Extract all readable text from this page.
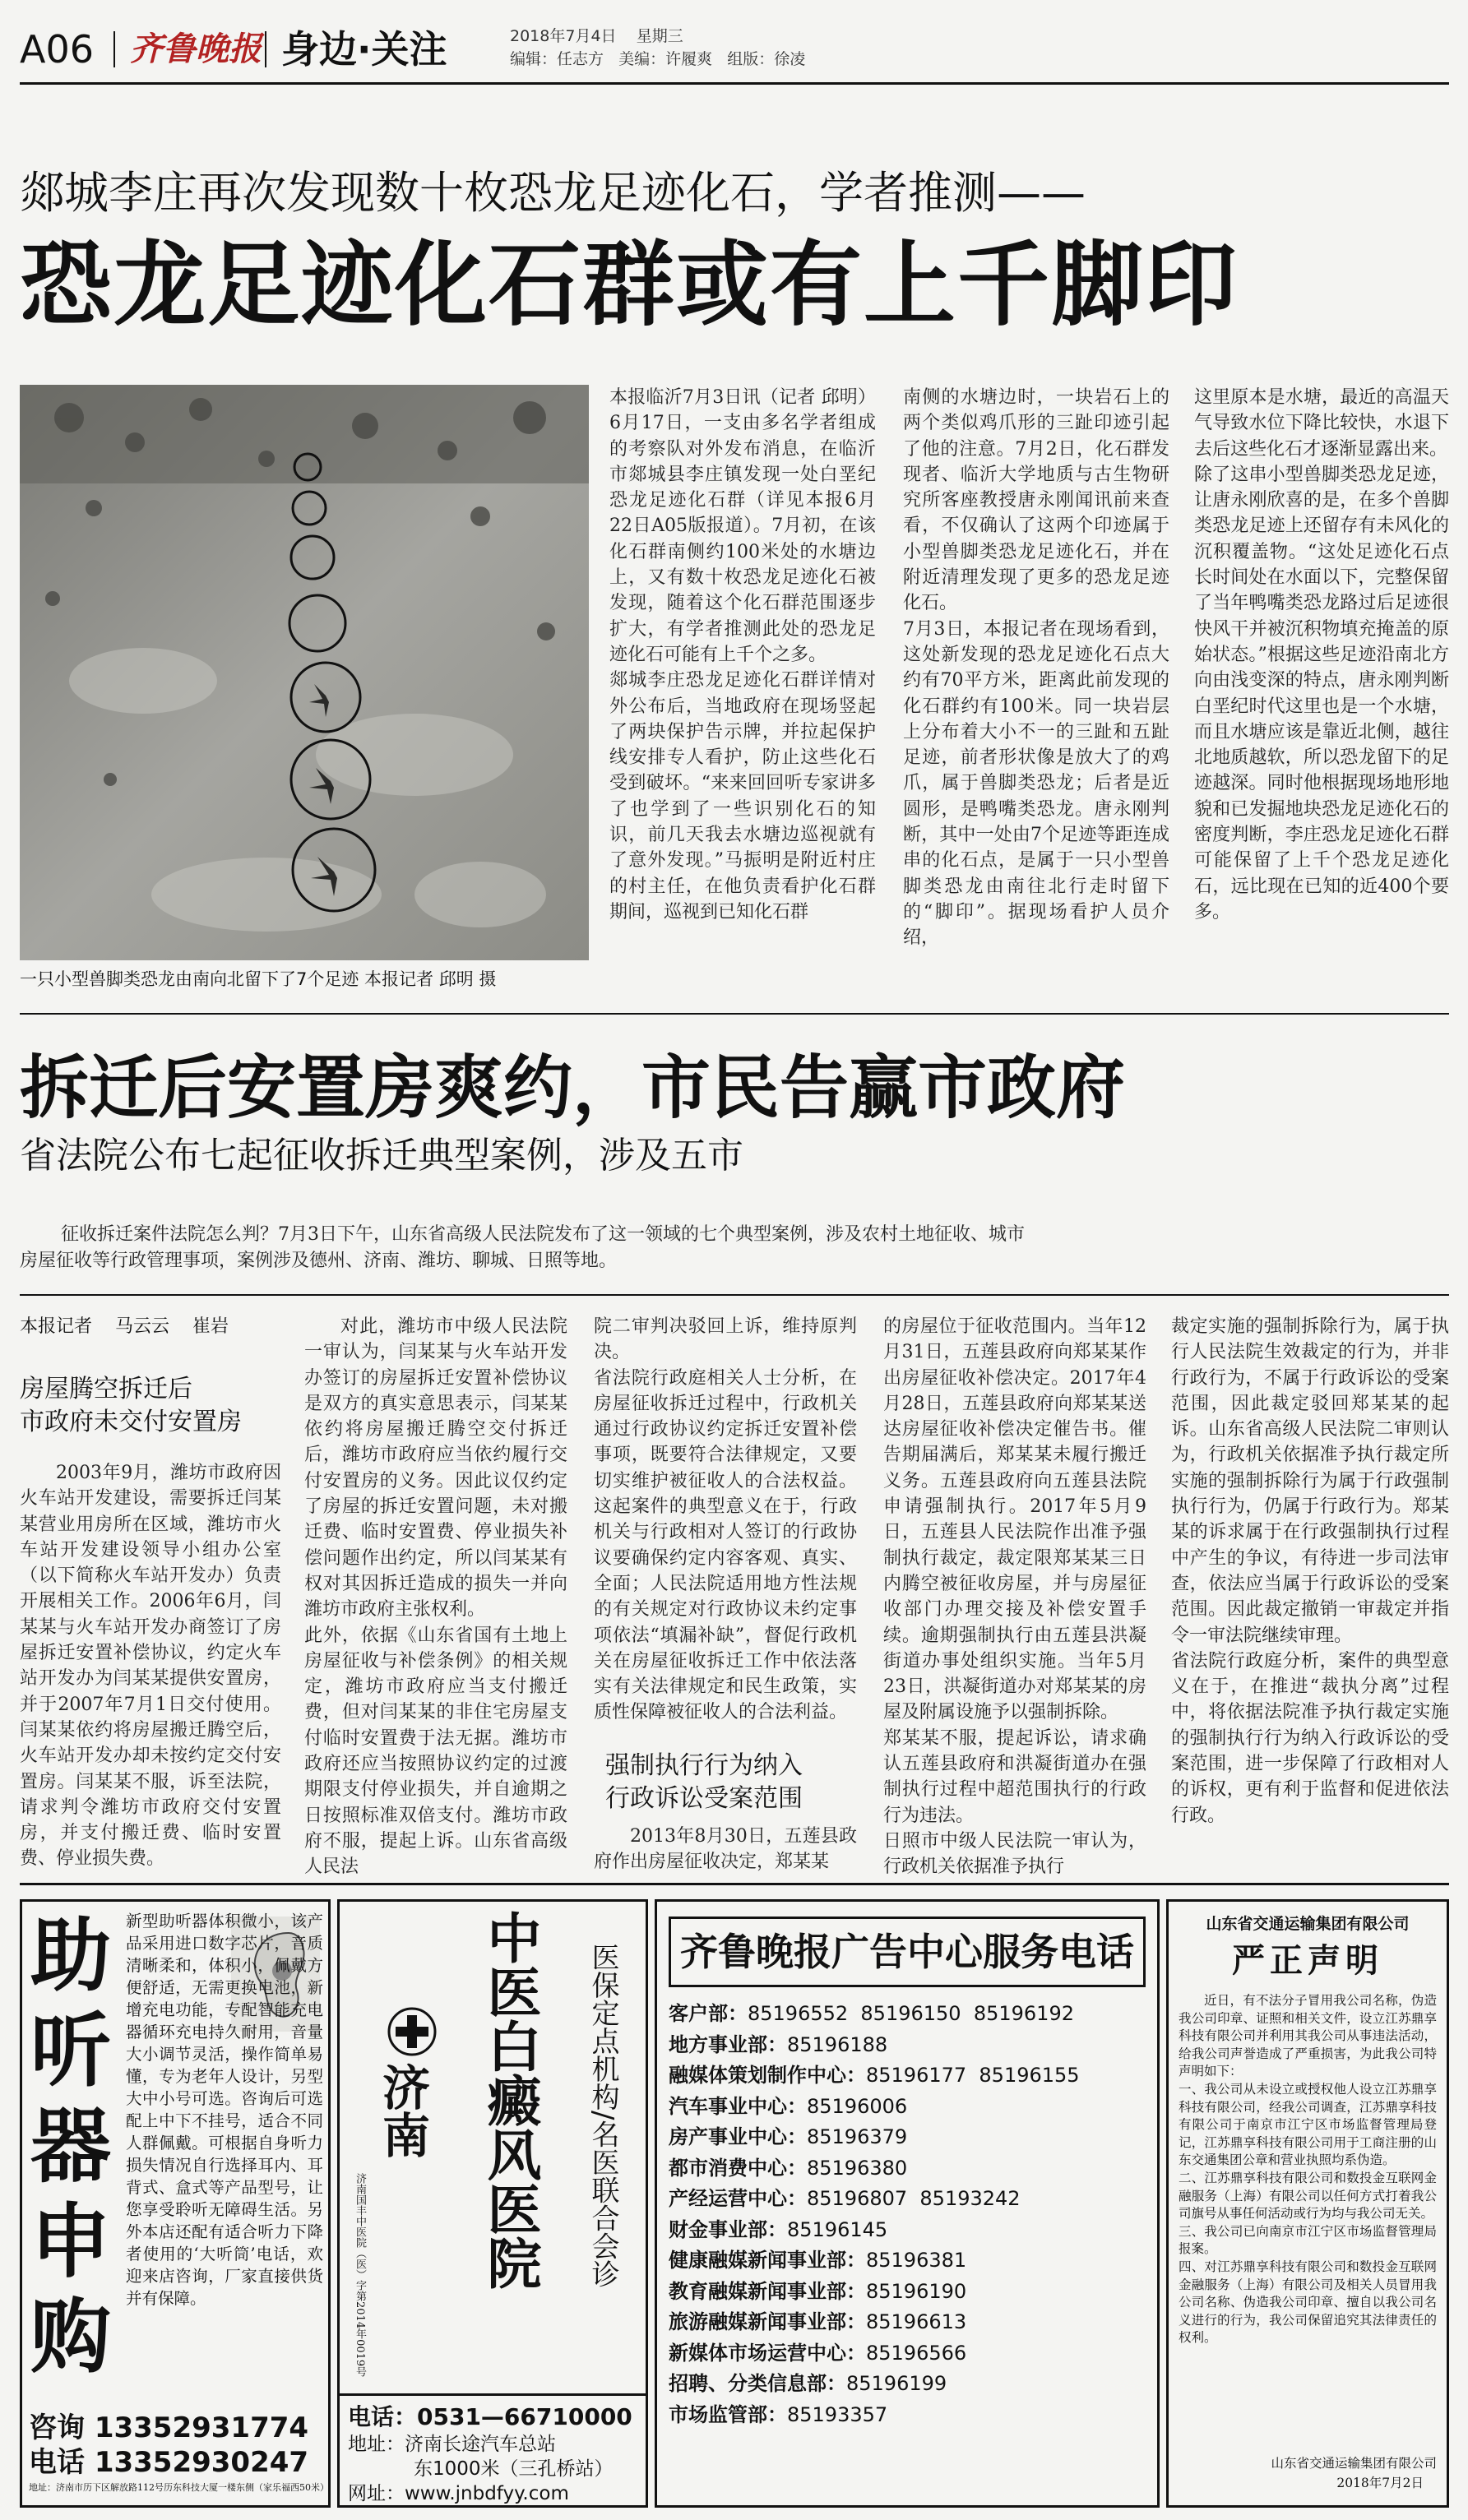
A06 齐鲁晚报 身边·关注	2018年7月4日 星期三
编辑：任志方 美编：许履爽 组版：徐凌
郯城李庄再次发现数十枚恐龙足迹化石，学者推测——
恐龙足迹化石群或有上千脚印
一只小型兽脚类恐龙由南向北留下了7个足迹 本报记者 邱明 摄

本报临沂7月3日讯（记者 邱明） 6月17日，一支由多名学者组成的考察队对外发布消息，在临沂市郯城县李庄镇发现一处白垩纪恐龙足迹化石群（详见本报6月22日A05版报道）。7月初，在该化石群南侧约100米处的水塘边上，又有数十枚恐龙足迹化石被发现，随着这个化石群范围逐步扩大，有学者推测此处的恐龙足迹化石可能有上千个之多。
郯城李庄恐龙足迹化石群详情对外公布后，当地政府在现场竖起了两块保护告示牌，并拉起保护线安排专人看护，防止这些化石受到破坏。“来来回回听专家讲多了也学到了一些识别化石的知识，前几天我去水塘边巡视就有了意外发现。”马振明是附近村庄的村主任，在他负责看护化石群期间，巡视到已知化石群

南侧的水塘边时，一块岩石上的两个类似鸡爪形的三趾印迹引起了他的注意。7月2日，化石群发现者、临沂大学地质与古生物研究所客座教授唐永刚闻讯前来查看，不仅确认了这两个印迹属于小型兽脚类恐龙足迹化石，并在附近清理发现了更多的恐龙足迹化石。
7月3日，本报记者在现场看到，这处新发现的恐龙足迹化石点大约有70平方米，距离此前发现的化石群约有100米。同一块岩层上分布着大小不一的三趾和五趾足迹，前者形状像是放大了的鸡爪，属于兽脚类恐龙；后者是近圆形，是鸭嘴类恐龙。唐永刚判断，其中一处由7个足迹等距连成串的化石点，是属于一只小型兽脚类恐龙由南往北行走时留下的“脚印”。据现场看护人员介绍，

这里原本是水塘，最近的高温天气导致水位下降比较快，水退下去后这些化石才逐渐显露出来。
除了这串小型兽脚类恐龙足迹，让唐永刚欣喜的是，在多个兽脚类恐龙足迹上还留存有未风化的沉积覆盖物。“这处足迹化石点长时间处在水面以下，完整保留了当年鸭嘴类恐龙路过后足迹很快风干并被沉积物填充掩盖的原始状态。”根据这些足迹沿南北方向由浅变深的特点，唐永刚判断白垩纪时代这里也是一个水塘，而且水塘应该是靠近北侧，越往北地质越软，所以恐龙留下的足迹越深。同时他根据现场地形地貌和已发掘地块恐龙足迹化石的密度判断，李庄恐龙足迹化石群可能保留了上千个恐龙足迹化石，远比现在已知的近400个要多。

拆迁后安置房爽约，市民告赢市政府
省法院公布七起征收拆迁典型案例，涉及五市
征收拆迁案件法院怎么判？7月3日下午，山东省高级人民法院发布了这一领域的七个典型案例，涉及农村土地征收、城市房屋征收等行政管理事项，案例涉及德州、济南、潍坊、聊城、日照等地。
本报记者    马云云    崔岩
房屋腾空拆迁后
市政府未交付安置房

2003年9月，潍坊市政府因火车站开发建设，需要拆迁闫某某营业用房所在区域，潍坊市火车站开发建设领导小组办公室（以下简称火车站开发办）负责开展相关工作。2006年6月，闫某某与火车站开发办商签订了房屋拆迁安置补偿协议，约定火车站开发办为闫某某提供安置房，并于2007年7月1日交付使用。闫某某依约将房屋搬迁腾空后，火车站开发办却未按约定交付安置房。闫某某不服，诉至法院，请求判令潍坊市政府交付安置房，并支付搬迁费、临时安置费、停业损失费。

对此，潍坊市中级人民法院一审认为，闫某某与火车站开发办签订的房屋拆迁安置补偿协议是双方的真实意思表示，闫某某依约将房屋搬迁腾空交付拆迁后，潍坊市政府应当依约履行交付安置房的义务。因此议仅约定了房屋的拆迁安置问题，未对搬迁费、临时安置费、停业损失补偿问题作出约定，所以闫某某有权对其因拆迁造成的损失一并向潍坊市政府主张权利。
此外，依据《山东省国有土地上房屋征收与补偿条例》的相关规定，潍坊市政府应当支付搬迁费，但对闫某某的非住宅房屋支付临时安置费于法无据。潍坊市政府还应当按照协议约定的过渡期限支付停业损失，并自逾期之日按照标准双倍支付。潍坊市政府不服，提起上诉。山东省高级人民法

院二审判决驳回上诉，维持原判决。
省法院行政庭相关人士分析，在房屋征收拆迁过程中，行政机关通过行政协议约定拆迁安置补偿事项，既要符合法律规定，又要切实维护被征收人的合法权益。这起案件的典型意义在于，行政机关与行政相对人签订的行政协议要确保约定内容客观、真实、全面；人民法院适用地方性法规的有关规定对行政协议未约定事项依法“填漏补缺”，督促行政机关在房屋征收拆迁工作中依法落实有关法律规定和民生政策，实质性保障被征收人的合法利益。

强制执行行为纳入
行政诉讼受案范围

2013年8月30日，五莲县政府作出房屋征收决定，郑某某

的房屋位于征收范围内。当年12月31日，五莲县政府向郑某某作出房屋征收补偿决定。2017年4月28日，五莲县政府向郑某某送达房屋征收补偿决定催告书。催告期届满后，郑某某未履行搬迁义务。五莲县政府向五莲县法院申请强制执行。2017年5月9日，五莲县人民法院作出准予强制执行裁定，裁定限郑某某三日内腾空被征收房屋，并与房屋征收部门办理交接及补偿安置手续。逾期强制执行由五莲县洪凝街道办事处组织实施。当年5月23日，洪凝街道办对郑某某的房屋及附属设施予以强制拆除。
郑某某不服，提起诉讼，请求确认五莲县政府和洪凝街道办在强制执行过程中超范围执行的行政行为违法。
日照市中级人民法院一审认为，行政机关依据准予执行

裁定实施的强制拆除行为，属于执行人民法院生效裁定的行为，并非行政行为，不属于行政诉讼的受案范围，因此裁定驳回郑某某的起诉。山东省高级人民法院二审则认为，行政机关依据准予执行裁定所实施的强制拆除行为属于行政强制执行行为，仍属于行政行为。郑某某的诉求属于在行政强制执行过程中产生的争议，有待进一步司法审查，依法应当属于行政诉讼的受案范围。因此裁定撤销一审裁定并指令一审法院继续审理。
省法院行政庭分析，案件的典型意义在于，在推进“裁执分离”过程中，将依据法院准予执行裁定实施的强制执行行为纳入行政诉讼的受案范围，进一步保障了行政相对人的诉权，更有利于监督和促进依法行政。

助
听
器
申
购
新型助听器体积微小，该产品采用进口数字芯片，音质清晰柔和，体积小，佩戴方便舒适，无需更换电池，新增充电功能，专配智能充电器循环充电持久耐用，音量大小调节灵活，操作简单易懂，专为老年人设计，另型大中小号可选。咨询后可选配上中下不挂号，适合不同人群佩戴。可根据自身听力损失情况自行选择耳内、耳背式、盒式等产品型号，让您享受聆听无障碍生活。另外本店还配有适合听力下降者使用的‘大听筒’电话，欢迎来店咨询，厂家直接供货并有保障。
咨询 13352931774
电话 13352930247
地址：济南市历下区解放路112号历东科技大厦一楼东侧（家乐福西50米）
济南
济南国丰中医院（医）字第2014年0019号 中医白癜风医院 医保定点机构/名医联合会诊
电话：0531—66710000
地址：济南长途汽车总站
东1000米（三孔桥站）
网址：www.jnbdfyy.com
齐鲁晚报广告中心服务电话
客户部： 85196552  85196150  85196192
地方事业部： 85196188
融媒体策划制作中心： 85196177  85196155
汽车事业中心： 85196006
房产事业中心： 85196379
都市消费中心： 85196380
产经运营中心： 85196807  85193242
财金事业部： 85196145
健康融媒新闻事业部： 85196381
教育融媒新闻事业部： 85196190
旅游融媒新闻事业部： 85196613
新媒体市场运营中心： 85196566
招聘、分类信息部： 85196199
市场监管部： 85193357
山东省交通运输集团有限公司
严正声明
近日，有不法分子冒用我公司名称，伪造我公司印章、证照和相关文件，设立江苏鼎享科技有限公司并利用其我公司从事违法活动，给我公司声誉造成了严重损害，为此我公司特声明如下：
一、我公司从未设立或授权他人设立江苏鼎享科技有限公司，经我公司调查，江苏鼎享科技有限公司于南京市江宁区市场监督管理局登记，江苏鼎享科技有限公司用于工商注册的山东交通集团公章和营业执照均系伪造。
二、江苏鼎享科技有限公司和数投金互联网金融服务（上海）有限公司以任何方式打着我公司旗号从事任何活动或行为均与我公司无关。
三、我公司已向南京市江宁区市场监督管理局报案。
四、对江苏鼎享科技有限公司和数投金互联网金融服务（上海）有限公司及相关人员冒用我公司名称、伪造我公司印章、擅自以我公司名义进行的行为，我公司保留追究其法律责任的权利。
山东省交通运输集团有限公司
2018年7月2日
